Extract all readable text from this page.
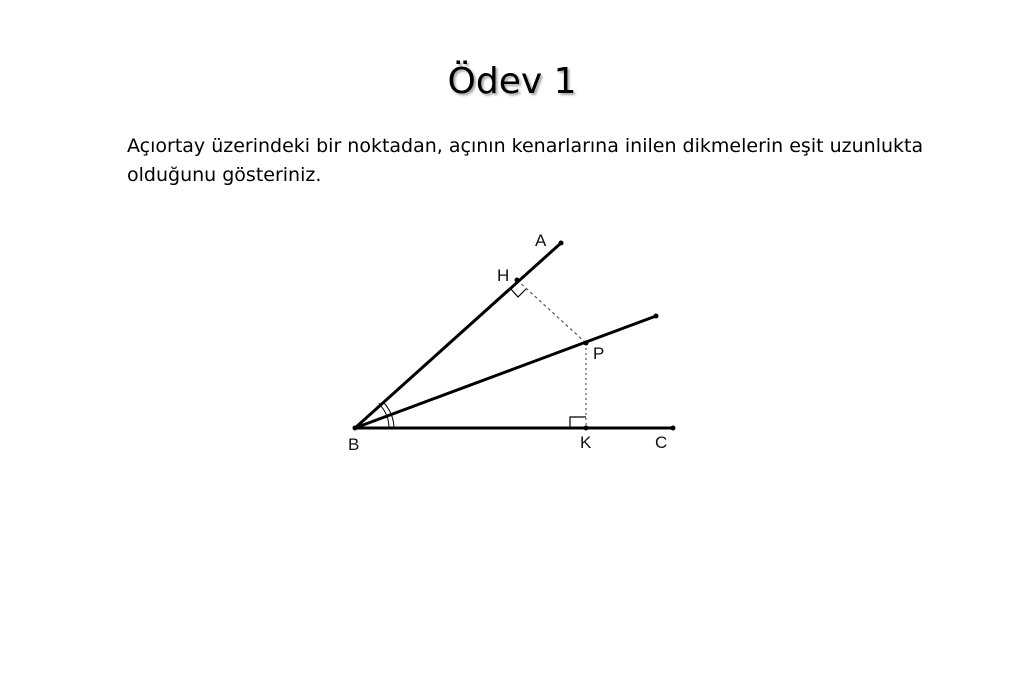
Ödev 1
Açıortay üzerindeki bir noktadan, açının kenarlarına inilen dikmelerin eşit uzunlukta olduğunu gösteriniz.
A
H
P
B	K	C
